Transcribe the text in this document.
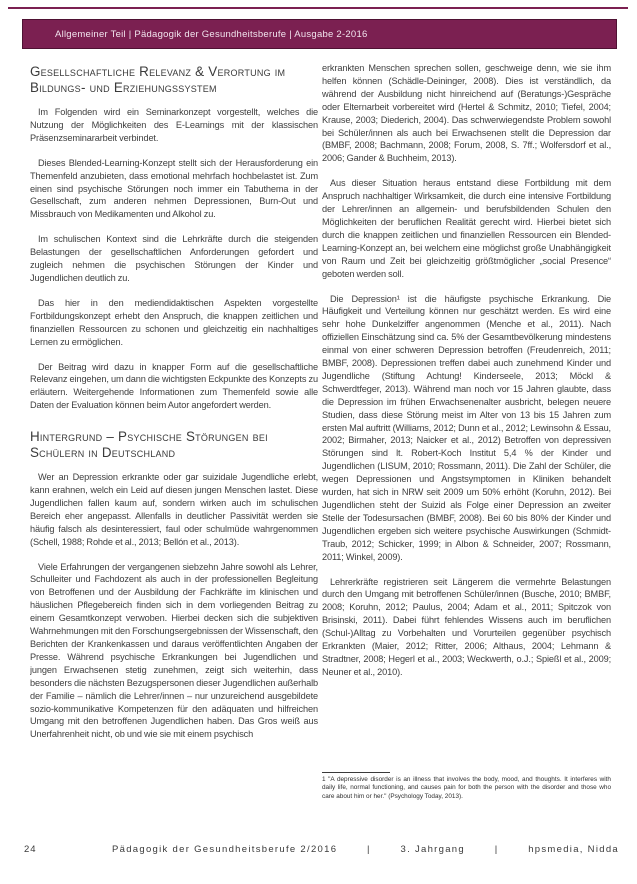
Allgemeiner Teil | Pädagogik der Gesundheitsberufe | Ausgabe 2-2016
Gesellschaftliche Relevanz & Verortung im Bildungs- und Erziehungssystem

Im Folgenden wird ein Seminarkonzept vorgestellt, welches die Nutzung der Möglichkeiten des E-Learnings mit der klassischen Präsenzseminararbeit verbindet.

Dieses Blended-Learning-Konzept stellt sich der Herausforderung ein Themenfeld anzubieten, dass emotional mehrfach hochbelastet ist. Zum einen sind psychische Störungen noch immer ein Tabuthema in der Gesellschaft, zum anderen nehmen Depressionen, Burn-Out und Missbrauch von Medikamenten und Alkohol zu.

Im schulischen Kontext sind die Lehrkräfte durch die steigenden Belastungen der gesellschaftlichen Anforderungen gefordert und zugleich nehmen die psychischen Störungen der Kinder und Jugendlichen deutlich zu.

Das hier in den mediendidaktischen Aspekten vorgestellte Fortbildungskonzept erhebt den Anspruch, die knappen zeitlichen und finanziellen Ressourcen zu schonen und gleichzeitig ein nachhaltiges Lernen zu ermöglichen.

Der Beitrag wird dazu in knapper Form auf die gesellschaftliche Relevanz eingehen, um dann die wichtigsten Eckpunkte des Konzepts zu erläutern. Weitergehende Informationen zum Themenfeld sowie alle Daten der Evaluation können beim Autor angefordert werden.

Hintergrund – Psychische Störungen bei Schülern in Deutschland

Wer an Depression erkrankte oder gar suizidale Jugendliche erlebt, kann erahnen, welch ein Leid auf diesen jungen Menschen lastet. Diese Jugendlichen fallen kaum auf, sondern wirken auch im schulischen Bereich eher angepasst. Allenfalls in deutlicher Passivität werden sie häufig falsch als desinteressiert, faul oder schulmüde wahrgenommen (Schell, 1988; Rohde et al., 2013; Bellón et al., 2013).

Viele Erfahrungen der vergangenen siebzehn Jahre sowohl als Lehrer, Schulleiter und Fachdozent als auch in der professionellen Begleitung von Betroffenen und der Ausbildung der Fachkräfte im klinischen und häuslichen Pflegebereich finden sich in dem vorliegenden Beitrag zu einem Gesamtkonzept verwoben. Hierbei decken sich die subjektiven Wahrnehmungen mit den Forschungsergebnissen der Wissenschaft, den Berichten der Krankenkassen und daraus veröffentlichten Angaben der Presse. Während psychische Erkrankungen bei Jugendlichen und jungen Erwachsenen stetig zunehmen, zeigt sich weiterhin, dass besonders die nächsten Bezugspersonen dieser Jugendlichen außerhalb der Familie – nämlich die Lehrer/innen – nur unzureichend ausgebildete sozio-kommunikative Kompetenzen für den adäquaten und hilfreichen Umgang mit den betroffenen Jugendlichen haben. Das Gros weiß aus Unerfahrenheit nicht, ob und wie sie mit einem psychisch

erkrankten Menschen sprechen sollen, geschweige denn, wie sie ihm helfen können (Schädle-Deininger, 2008). Dies ist verständlich, da während der Ausbildung nicht hinreichend auf (Beratungs-)Gespräche oder Elternarbeit vorbereitet wird (Hertel & Schmitz, 2010; Tiefel, 2004; Krause, 2003; Diederich, 2004). Das schwerwiegendste Problem sowohl bei Schüler/innen als auch bei Erwachsenen stellt die Depression dar (BMBF, 2008; Bachmann, 2008; Forum, 2008, S. 7ff.; Wolfersdorf et al., 2006; Gander & Buchheim, 2013).

Aus dieser Situation heraus entstand diese Fortbildung mit dem Anspruch nachhaltiger Wirksamkeit, die durch eine intensive Fortbildung der Lehrer/innen an allgemein- und berufsbildenden Schulen den Möglichkeiten der beruflichen Realität gerecht wird. Hierbei bietet sich durch die knappen zeitlichen und finanziellen Ressourcen ein Blended-Learning-Konzept an, bei welchem eine möglichst große Unabhängigkeit von Raum und Zeit bei gleichzeitig größtmöglicher „social Presence“ geboten werden soll.

Die Depression¹ ist die häufigste psychische Erkrankung. Die Häufigkeit und Verteilung können nur geschätzt werden. Es wird eine sehr hohe Dunkelziffer angenommen (Menche et al., 2011). Nach offiziellen Einschätzung sind ca. 5% der Gesamtbevölkerung mindestens einmal von einer schweren Depression betroffen (Freudenreich, 2011; BMBF, 2008). Depressionen treffen dabei auch zunehmend Kinder und Jugendliche (Stiftung Achtung! Kinderseele, 2013; Möckl & Schwerdtfeger, 2013). Während man noch vor 15 Jahren glaubte, dass die Depression im frühen Erwachsenenalter ausbricht, belegen neuere Studien, dass diese Störung meist im Alter von 13 bis 15 Jahren zum ersten Mal auftritt (Williams, 2012; Dunn et al., 2012; Lewinsohn & Essau, 2002; Birmaher, 2013; Naicker et al., 2012) Betroffen von depressiven Störungen sind lt. Robert-Koch Institut 5,4 % der Kinder und Jugendlichen (LISUM, 2010; Rossmann, 2011). Die Zahl der Schüler, die wegen Depressionen und Angstsymptomen in Kliniken behandelt wurden, hat sich in NRW seit 2009 um 50% erhöht (Koruhn, 2012). Bei Jugendlichen steht der Suizid als Folge einer Depression an zweiter Stelle der Todesursachen (BMBF, 2008). Bei 60 bis 80% der Kinder und Jugendlichen ergeben sich weitere psychische Auswirkungen (Schmidt-Traub, 2012; Schicker, 1999; in Albon & Schneider, 2007; Rossmann, 2011; Winkel, 2009).

Lehrerkräfte registrieren seit Längerem die vermehrte Belastungen durch den Umgang mit betroffenen Schüler/innen (Busche, 2010; BMBF, 2008; Koruhn, 2012; Paulus, 2004; Adam et al., 2011; Spitczok von Brisinski, 2011). Dabei führt fehlendes Wissens auch im beruflichen (Schul-)Alltag zu Vorbehalten und Vorurteilen gegenüber psychisch Erkrankten (Maier, 2012; Ritter, 2006; Althaus, 2004; Lehmann & Stradtner, 2008; Hegerl et al., 2003; Weckwerth, o.J.; Spießl et al., 2009; Neuner et al., 2010).

1 "A depressive disorder is an illness that involves the body, mood, and thoughts. It interferes with daily life, normal functioning, and causes pain for both the person with the disorder and those who care about him or her." (Psychology Today, 2013).
24	Pädagogik der Gesundheitsberufe 2/2016	|	3. Jahrgang	|	hpsmedia, Nidda
